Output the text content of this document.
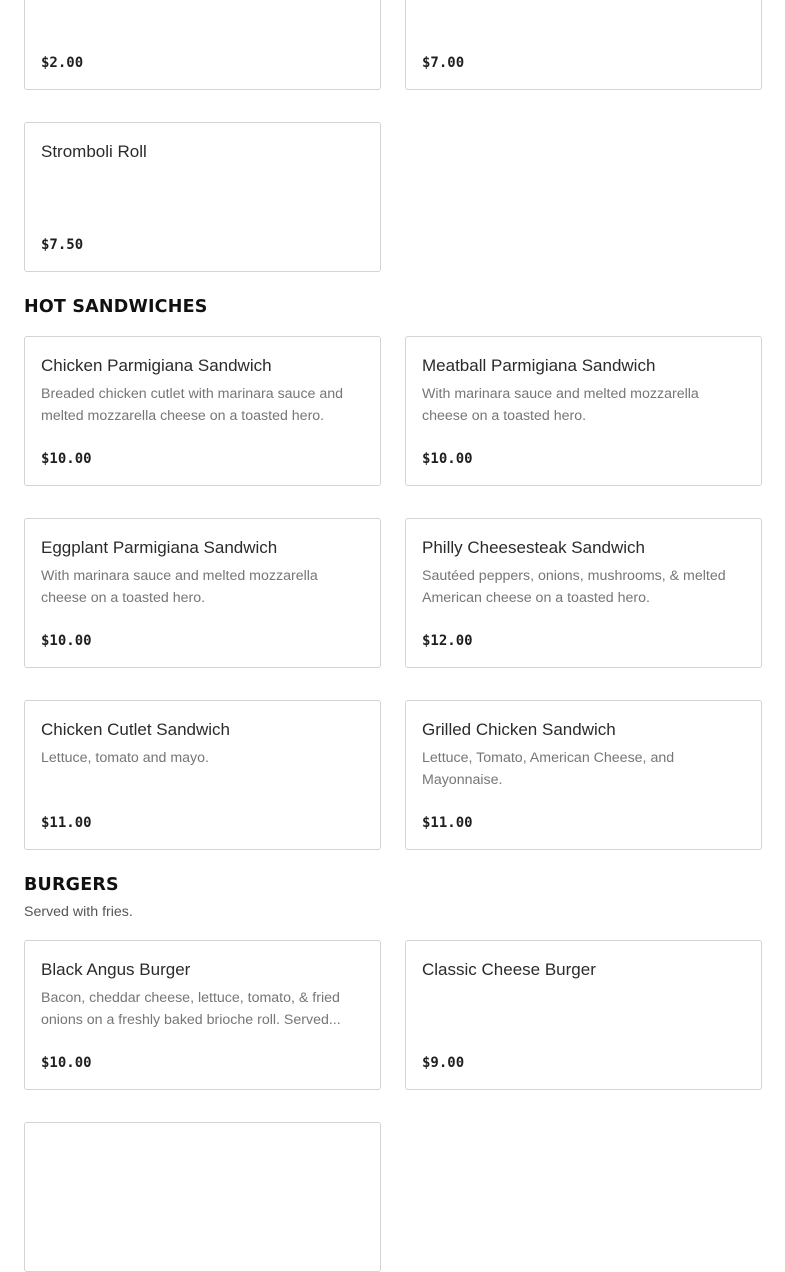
$2.00	$7.00
Stromboli Roll
$7.50
HOT SANDWICHES
Chicken Parmigiana Sandwich
Breaded chicken cutlet with marinara sauce and melted mozzarella cheese on a toasted hero.
$10.00
Meatball Parmigiana Sandwich
With marinara sauce and melted mozzarella cheese on a toasted hero.
$10.00
Eggplant Parmigiana Sandwich
With marinara sauce and melted mozzarella cheese on a toasted hero.
$10.00
Philly Cheesesteak Sandwich
Sautéed peppers, onions, mushrooms, & melted American cheese on a toasted hero.
$12.00
Chicken Cutlet Sandwich
Lettuce, tomato and mayo.
$11.00
Grilled Chicken Sandwich
Lettuce, Tomato, American Cheese, and Mayonnaise.
$11.00
BURGERS

Served with fries.

Black Angus Burger
Bacon, cheddar cheese, lettuce, tomato, & fried onions on a freshly baked brioche roll. Served...
$10.00
Classic Cheese Burger
$9.00
